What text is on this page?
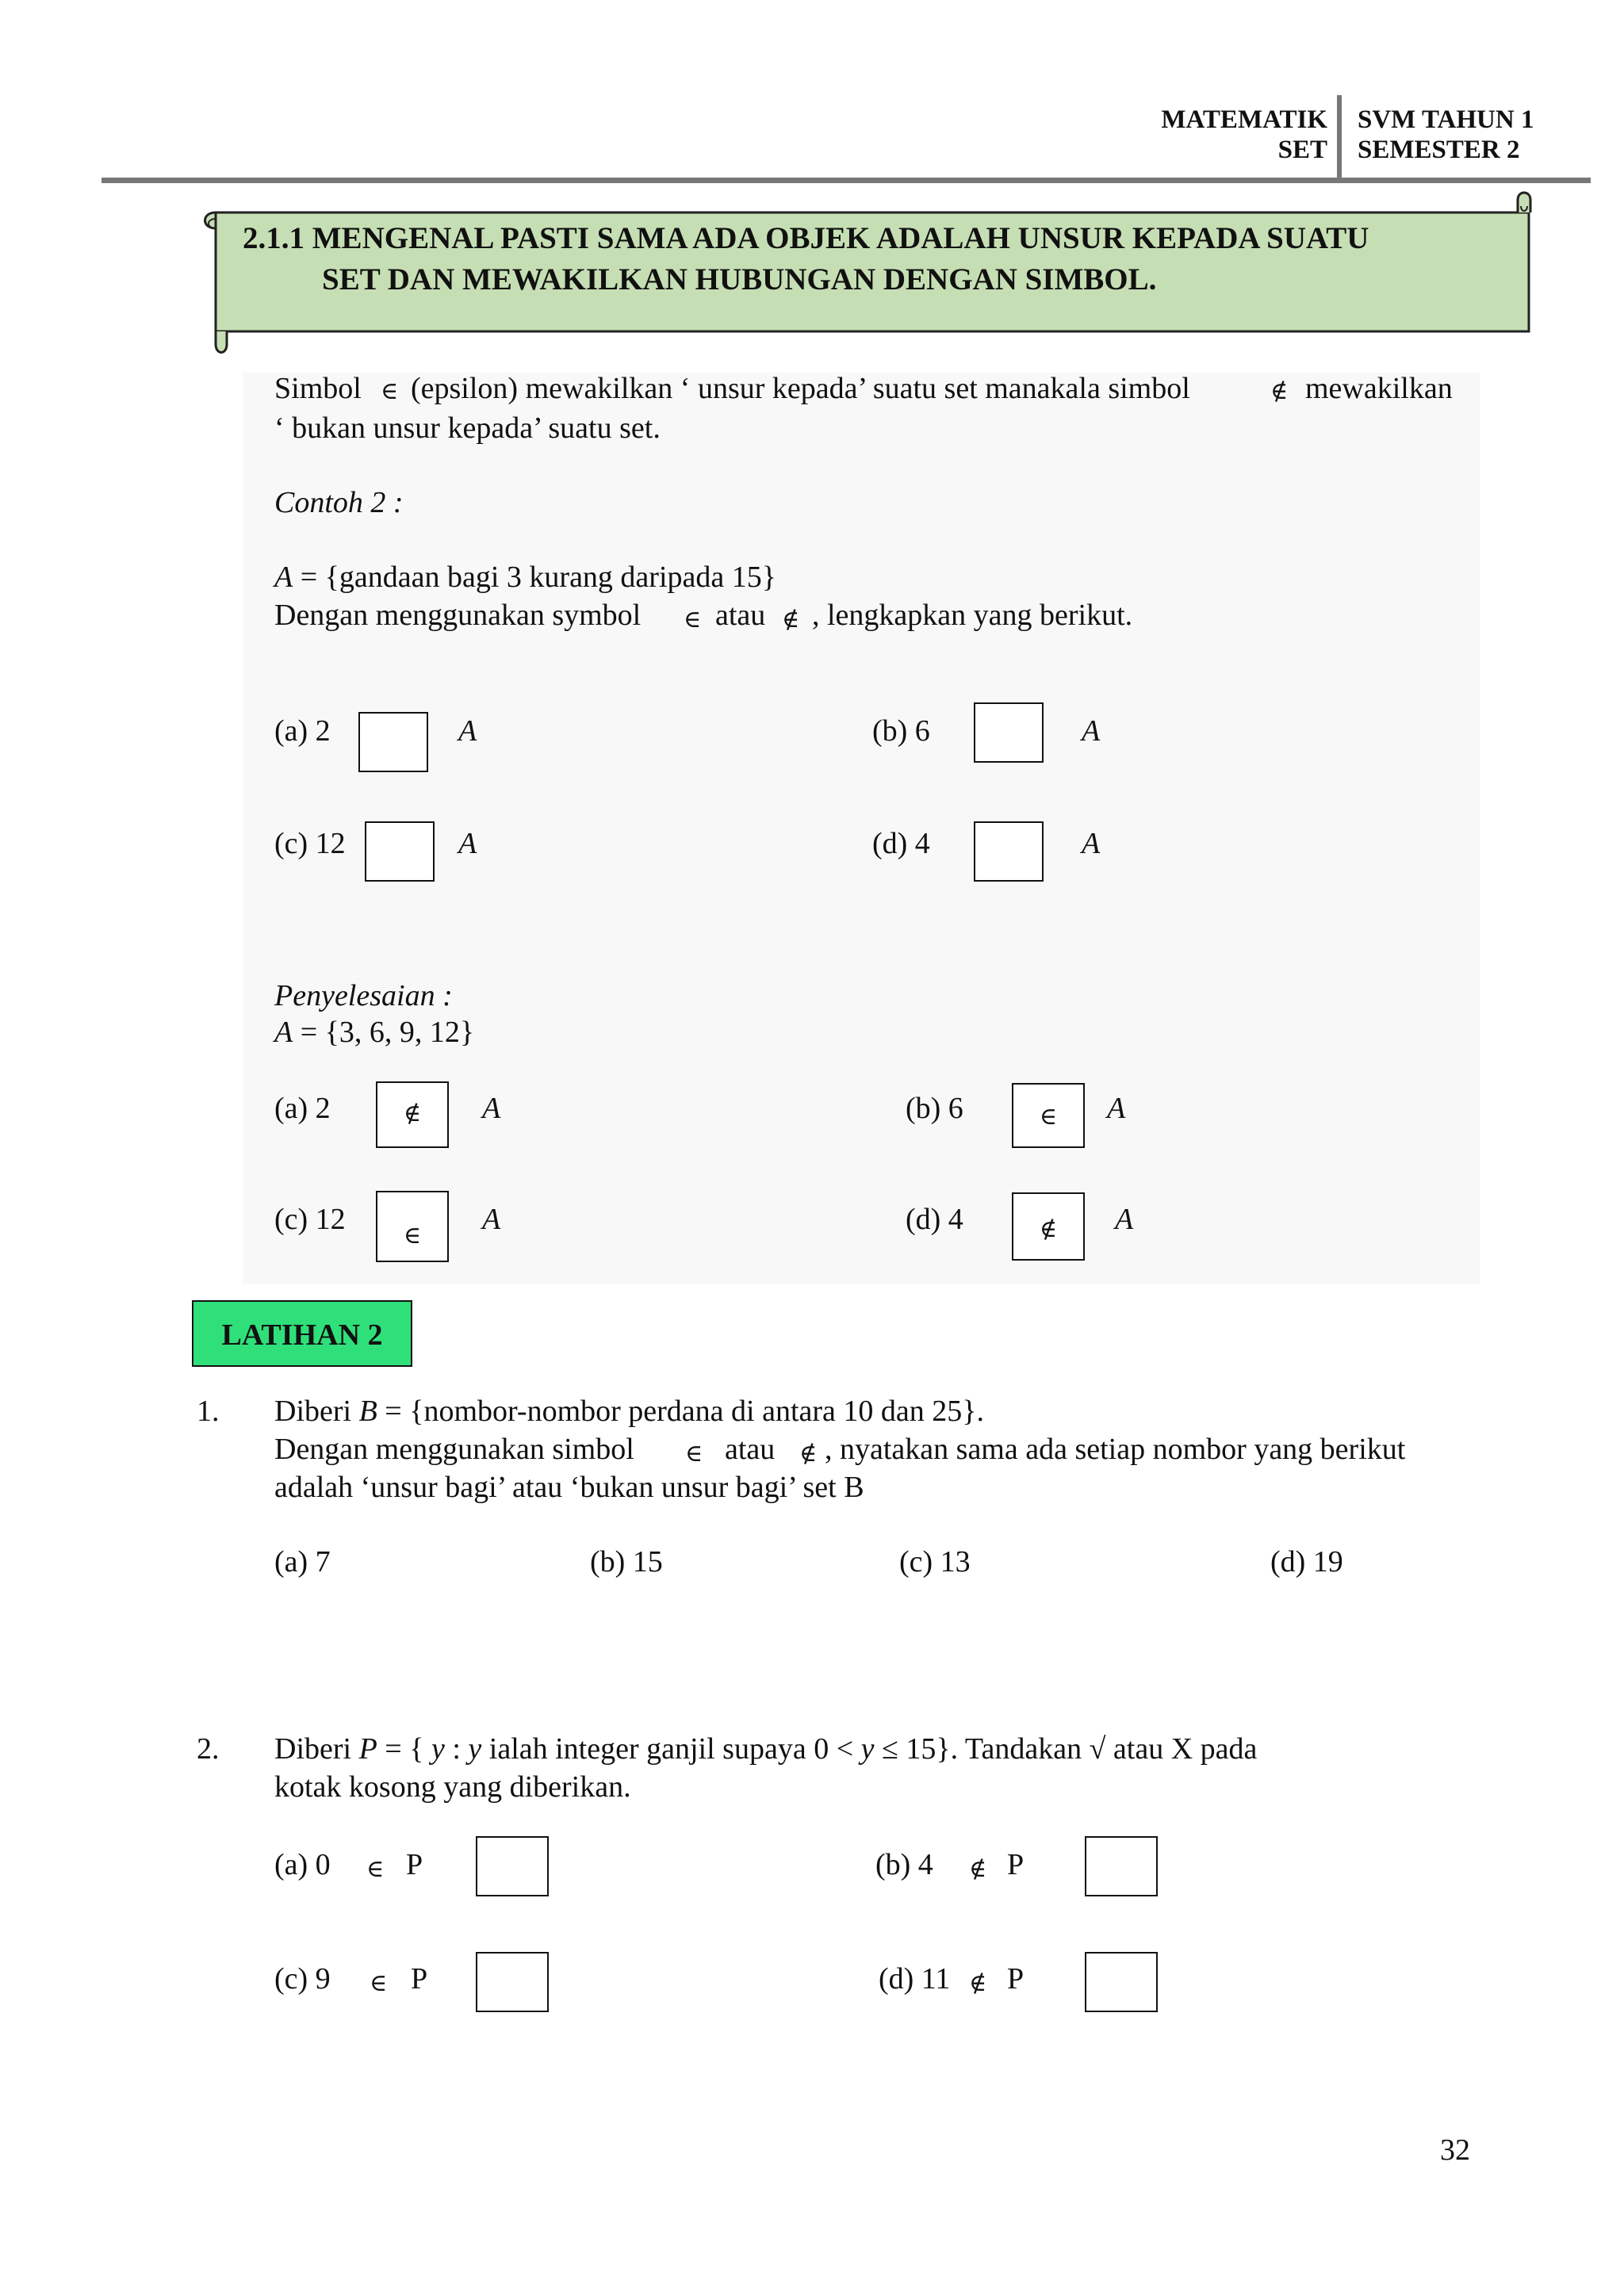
MATEMATIK
SET
SVM TAHUN 1
SEMESTER 2
2.1.1 MENGENAL PASTI SAMA ADA OBJEK ADALAH UNSUR KEPADA SUATU
SET DAN MEWAKILKAN HUBUNGAN DENGAN SIMBOL.
Simbol ∈ (epsilon) mewakilkan ‘ unsur kepada’ suatu set manakala simbol	∉ mewakilkan
‘ bukan unsur kepada’ suatu set.
Contoh 2 :
A = {gandaan bagi 3 kurang daripada 15}
Dengan menggunakan symbol ∈ atau ∉ , lengkapkan yang berikut.
(a) 2	A	(b) 6	A
(c) 12	A	(d) 4	A
Penyelesaian :
A = {3, 6, 9, 12}
(a) 2	∉	A	(b) 6	∈	A
(c) 12	∈	A	(d) 4	∉	A
LATIHAN 2
1. Diberi B = {nombor-nombor perdana di antara 10 dan 25}.
Dengan menggunakan simbol ∈ atau ∉ , nyatakan sama ada setiap nombor yang berikut
adalah ‘unsur bagi’ atau ‘bukan unsur bagi’ set B
(a) 7	(b) 15	(c) 13	(d) 19
2. Diberi P = { y : y ialah integer ganjil supaya 0 < y ≤ 15}. Tandakan √ atau X pada
kotak kosong yang diberikan.
(a) 0 ∈ P	(b) 4 ∉ P
(c) 9 ∈ P	(d) 11 ∉ P
32
